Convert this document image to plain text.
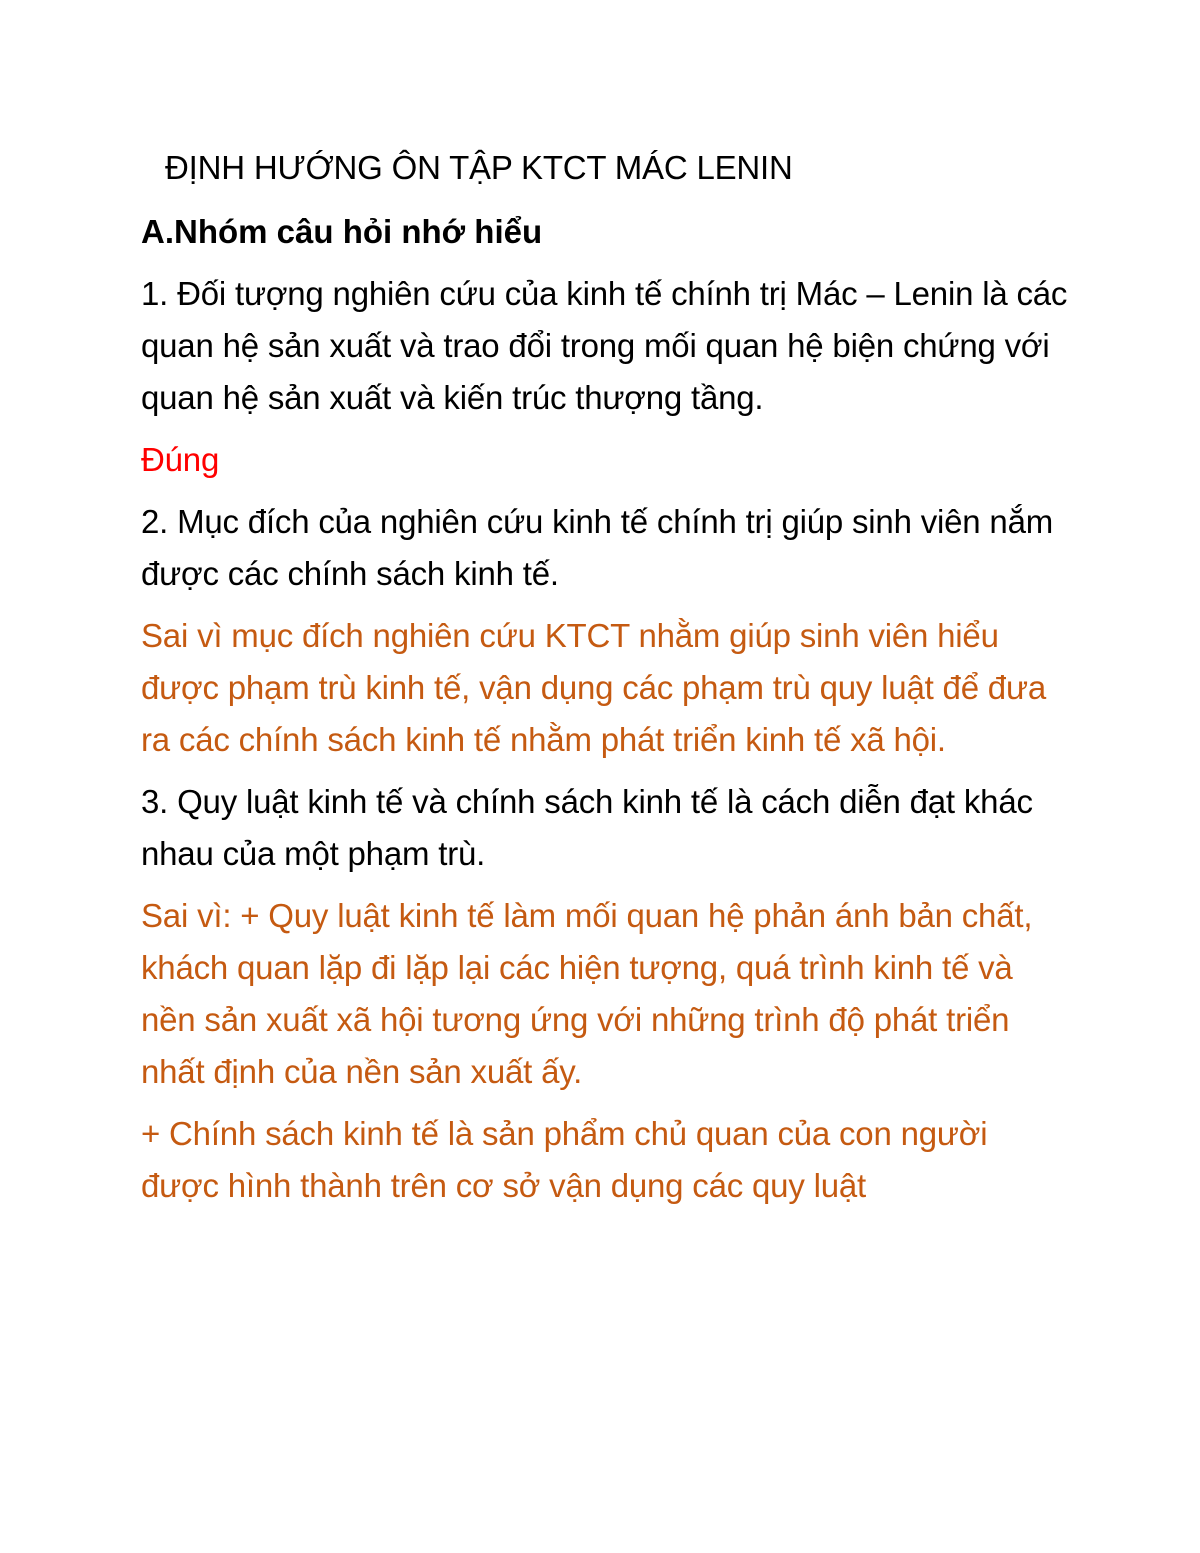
ĐỊNH HƯỚNG ÔN TẬP KTCT MÁC LENIN
A.Nhóm câu hỏi nhớ hiểu

1. Đối tượng nghiên cứu của kinh tế chính trị Mác – Lenin là các quan hệ sản xuất và trao đổi trong mối quan hệ biện chứng với quan hệ sản xuất và kiến trúc thượng tầng.

Đúng

2. Mục đích của nghiên cứu kinh tế chính trị giúp sinh viên nắm được các chính sách kinh tế.

Sai vì mục đích nghiên cứu KTCT nhằm giúp sinh viên hiểu được phạm trù kinh tế, vận dụng các phạm trù quy luật để đưa ra các chính sách kinh tế nhằm phát triển kinh tế xã hội.

3. Quy luật kinh tế và chính sách kinh tế là cách diễn đạt khác nhau của một phạm trù.

Sai vì: + Quy luật kinh tế làm mối quan hệ phản ánh bản chất, khách quan lặp đi lặp lại các hiện tượng, quá trình kinh tế và nền sản xuất xã hội tương ứng với những trình độ phát triển nhất định của nền sản xuất ấy.

+ Chính sách kinh tế là sản phẩm chủ quan của con người được hình thành trên cơ sở vận dụng các quy luật
